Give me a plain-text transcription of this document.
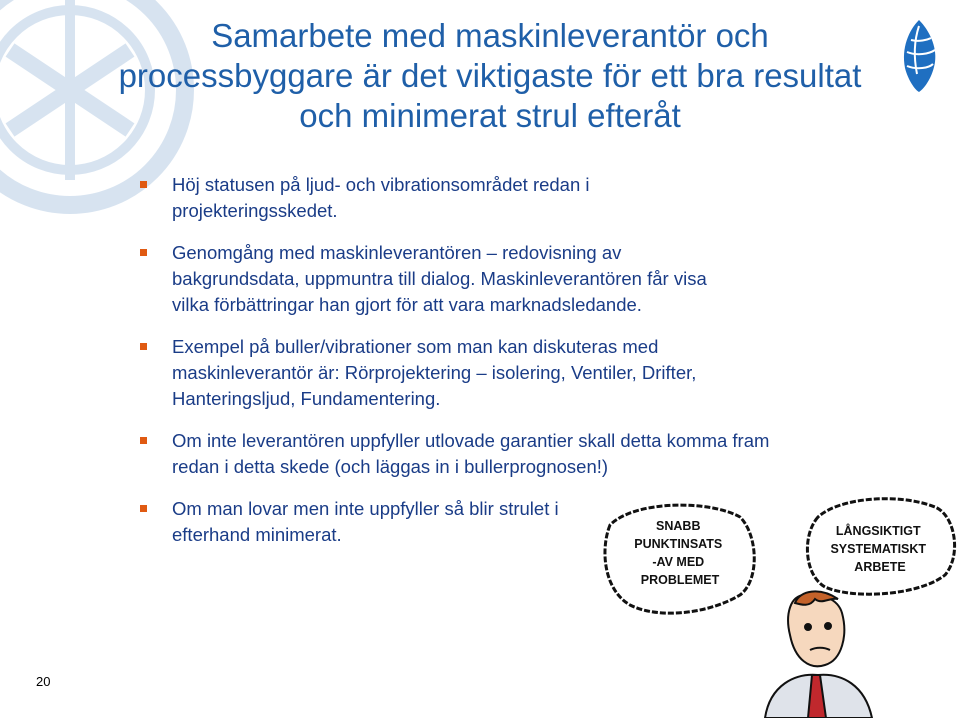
Samarbete med maskinleverantör och processbyggare är det viktigaste för ett bra resultat och minimerat strul efteråt
Höj statusen på ljud- och vibrationsområdet redan i projekteringsskedet.
Genomgång med maskinleverantören – redovisning av bakgrundsdata, uppmuntra till dialog. Maskinleverantören får visa vilka förbättringar han gjort för att vara marknadsledande.
Exempel på buller/vibrationer som man kan diskuteras med maskinleverantör är: Rörprojektering – isolering, Ventiler, Drifter, Hanteringsljud, Fundamentering.
Om inte leverantören uppfyller utlovade garantier skall detta komma fram redan i detta skede (och läggas in i bullerprognosen!)
Om man lovar men inte uppfyller så blir strulet i efterhand minimerat.
20
SNABB PUNKTINSATS -AV MED PROBLEMET
LÅNGSIKTIGT SYSTEMATISKT ARBETE
